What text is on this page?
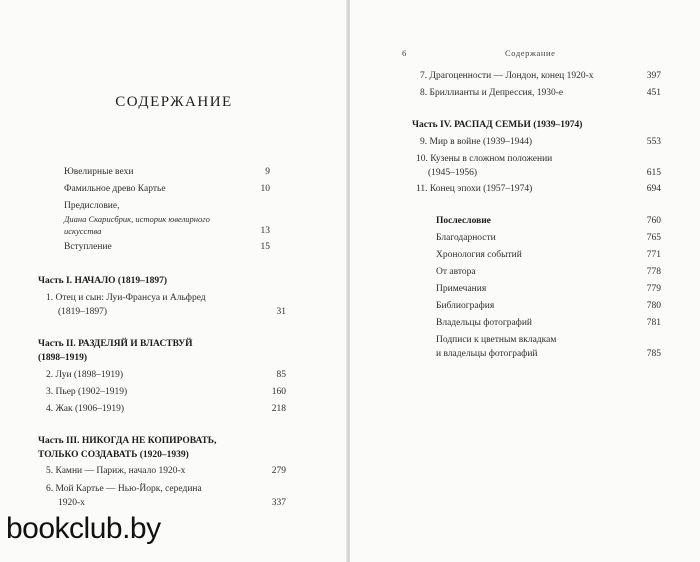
СОДЕРЖАНИЕ
Ювелирные вехи	9
Фамильное древо Картье	10
Предисловие,
Диана Скарисбрик, историк ювелирного
искусства	13
Вступление	15
Часть I. НАЧАЛО (1819–1897)
1. Отец и сын: Луи-Франсуа и Альфред
(1819–1897)	31
Часть II. РАЗДЕЛЯЙ И ВЛАСТВУЙ
(1898–1919)
2. Луи (1898–1919)	85
3. Пьер (1902–1919)	160
4. Жак (1906–1919)	218
Часть III. НИКОГДА НЕ КОПИРОВАТЬ,
ТОЛЬКО СОЗДАВАТЬ (1920–1939)
5. Камни — Париж, начало 1920-х	279
6. Мой Картье — Нью-Йорк, середина
1920-х	337
bookclub.by
6	Содержание
7. Драгоценности — Лондон, конец 1920-х	397
8. Бриллианты и Депрессия, 1930-е	451
Часть IV. РАСПАД СЕМЬИ (1939–1974)
9. Мир в войне (1939–1944)	553
10. Кузены в сложном положении
(1945–1956)	615
11. Конец эпохи (1957–1974)	694
Послесловие	760
Благодарности	765
Хронология событий	771
От автора	778
Примечания	779
Библиография	780
Владельцы фотографий	781
Подписи к цветным вкладкам
и владельцы фотографий	785
